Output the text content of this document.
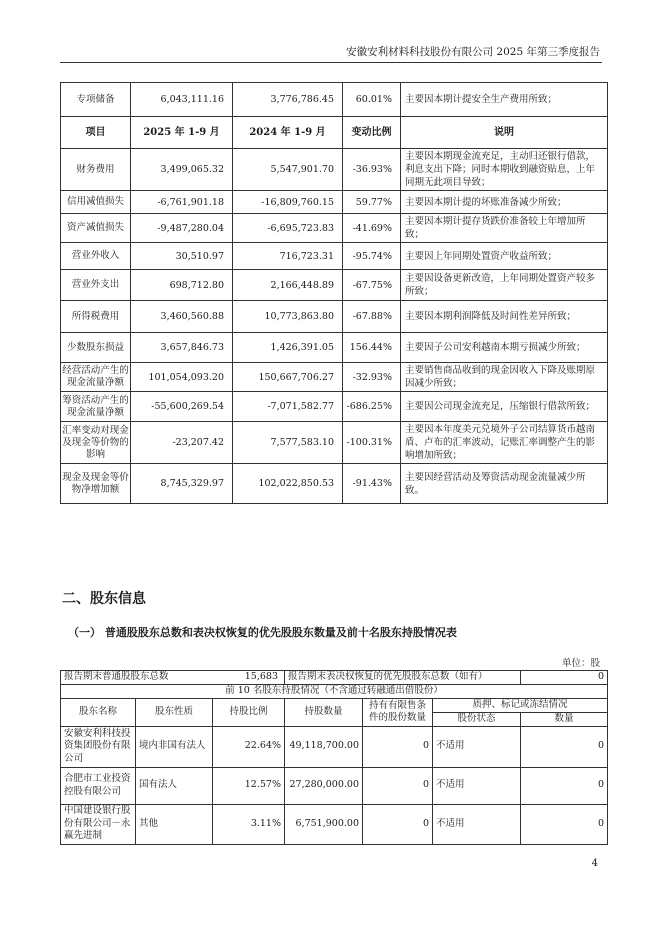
安徽安利材料科技股份有限公司 2025 年第三季度报告
专项储备	6,043,111.16	3,776,786.45	60.01%	主要因本期计提安全生产费用所致；
项目	2025 年 1-9 月	2024 年 1-9 月	变动比例	说明
财务费用	3,499,065.32	5,547,901.70	-36.93%	主要因本期现金流充足，主动归还银行借款，利息支出下降；同时本期收到融资贴息，上年同期无此项目导致；
信用减值损失	-6,761,901.18	-16,809,760.15	59.77%	主要因本期计提的坏账准备减少所致；
资产减值损失	-9,487,280.04	-6,695,723.83	-41.69%	主要因本期计提存货跌价准备较上年增加所致；
营业外收入	30,510.97	716,723.31	-95.74%	主要因上年同期处置资产收益所致；
营业外支出	698,712.80	2,166,448.89	-67.75%	主要因设备更新改造，上年同期处置资产较多所致；
所得税费用	3,460,560.88	10,773,863.80	-67.88%	主要因本期利润降低及时间性差异所致；
少数股东损益	3,657,846.73	1,426,391.05	156.44%	主要因子公司安利越南本期亏损减少所致；
经营活动产生的现金流量净额	101,054,093.20	150,667,706.27	-32.93%	主要销售商品收到的现金因收入下降及账期原因减少所致；
筹资活动产生的现金流量净额	-55,600,269.54	-7,071,582.77	-686.25%	主要因公司现金流充足，压缩银行借款所致；
汇率变动对现金及现金等价物的影响	-23,207.42	7,577,583.10	-100.31%	主要因本年度美元兑境外子公司结算货币越南盾、卢布的汇率波动，记账汇率调整产生的影响增加所致；
现金及现金等价物净增加额	8,745,329.97	102,022,850.53	-91.43%	主要因经营活动及筹资活动现金流量减少所致。
二、股东信息
（一） 普通股股东总数和表决权恢复的优先股股东数量及前十名股东持股情况表
单位：股
报告期末普通股股东总数 15,683			报告期末表决权恢复的优先股股东总数（如有）			0
前 10 名股东持股情况（不含通过转融通出借股份）						
股东名称	股东性质	持股比例	持股数量	持有有限售条件的股份数量	质押、标记或冻结情况	
					股份状态	数量
安徽安利科技投资集团股份有限公司	境内非国有法人	22.64%	49,118,700.00	0	不适用	0
合肥市工业投资控股有限公司	国有法人	12.57%	27,280,000.00	0	不适用	0
中国建设银行股份有限公司－永赢先进制	其他	3.11%	6,751,900.00	0	不适用	0
4
